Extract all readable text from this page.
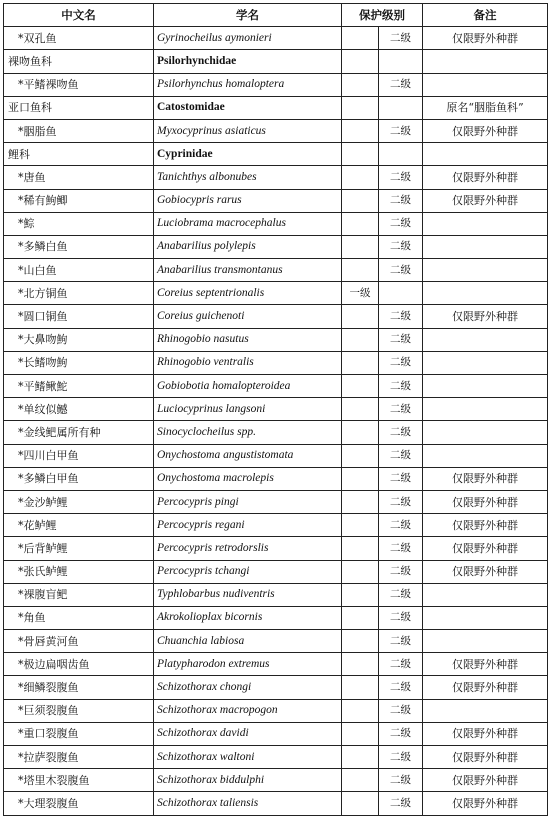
中文名	学名	保护级别		备注
*双孔鱼	Gyrinocheilus aymonieri		二级	仅限野外种群
裸吻鱼科	Psilorhynchidae			
*平鳍裸吻鱼	Psilorhynchus homaloptera		二级	
亚口鱼科	Catostomidae			原名“胭脂鱼科”
*胭脂鱼	Myxocyprinus asiaticus		二级	仅限野外种群
鲤科	Cyprinidae			
*唐鱼	Tanichthys albonubes		二级	仅限野外种群
*稀有鮈鲫	Gobiocypris rarus		二级	仅限野外种群
*鯮	Luciobrama macrocephalus		二级	
*多鳞白鱼	Anabarilius polylepis		二级	
*山白鱼	Anabarilius transmontanus		二级	
*北方铜鱼	Coreius septentrionalis	一级		
*圆口铜鱼	Coreius guichenoti		二级	仅限野外种群
*大鼻吻鮈	Rhinogobio nasutus		二级	
*长鳍吻鮈	Rhinogobio ventralis		二级	
*平鳍鳅鮀	Gobiobotia homalopteroidea		二级	
*单纹似鳡	Luciocyprinus langsoni		二级	
*金线鲃属所有种	Sinocyclocheilus spp.		二级	
*四川白甲鱼	Onychostoma angustistomata		二级	
*多鳞白甲鱼	Onychostoma macrolepis		二级	仅限野外种群
*金沙鲈鲤	Percocypris pingi		二级	仅限野外种群
*花鲈鲤	Percocypris regani		二级	仅限野外种群
*后背鲈鲤	Percocypris retrodorslis		二级	仅限野外种群
*张氏鲈鲤	Percocypris tchangi		二级	仅限野外种群
*裸腹盲鲃	Typhlobarbus nudiventris		二级	
*角鱼	Akrokolioplax bicornis		二级	
*骨唇黄河鱼	Chuanchia labiosa		二级	
*极边扁咽齿鱼	Platypharodon extremus		二级	仅限野外种群
*细鳞裂腹鱼	Schizothorax chongi		二级	仅限野外种群
*巨须裂腹鱼	Schizothorax macropogon		二级	
*重口裂腹鱼	Schizothorax davidi		二级	仅限野外种群
*拉萨裂腹鱼	Schizothorax waltoni		二级	仅限野外种群
*塔里木裂腹鱼	Schizothorax biddulphi		二级	仅限野外种群
*大理裂腹鱼	Schizothorax taliensis		二级	仅限野外种群
